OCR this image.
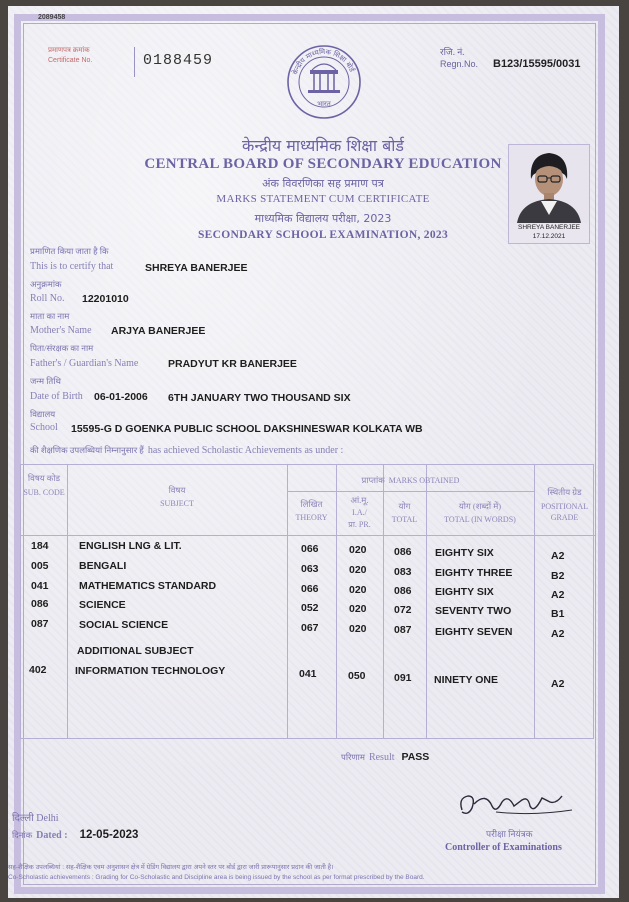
2089458
प्रमाणपत्र क्रमांक
Certificate No.	0188459	रजि. नं.
Regn.No. B123/15595/0031
केन्द्रीय माध्यमिक शिक्षा बोर्ड
भारत
केन्द्रीय माध्यमिक शिक्षा बोर्ड
CENTRAL BOARD OF SECONDARY EDUCATION
अंक विवरणिका सह प्रमाण पत्र
MARKS STATEMENT CUM CERTIFICATE
माध्यमिक विद्यालय परीक्षा, 2023
SECONDARY SCHOOL EXAMINATION, 2023
SHREYA BANERJEE
17.12.2021
प्रमाणित किया जाता है कि
This is to certify that	SHREYA BANERJEE
अनुक्रमांक
Roll No. 12201010
माता का नाम
Mother's Name ARJYA BANERJEE
पिता/संरक्षक का नाम
Father's / Guardian's Name	PRADYUT KR BANERJEE
जन्म तिथि
Date of Birth 06-01-2006 6TH JANUARY TWO THOUSAND SIX
विद्यालय
School 15595-G D GOENKA PUBLIC SCHOOL DAKSHINESWAR KOLKATA WB
की शैक्षणिक उपलब्धियां निम्नानुसार हैं has achieved Scholastic Achievements as under :
विषय कोड
SUB. CODE	विषय
SUBJECT
प्राप्तांक MARKS OBTAINED
लिखित
THEORY
आं.मू.
I.A./
प्रा. PR.
योग
TOTAL
योग (शब्दों में)
TOTAL (IN WORDS)
स्थितीय ग्रेड
POSITIONAL GRADE
184	ENGLISH LNG & LIT.	066	020	086 EIGHTY SIX	A2
005	BENGALI	063	020	083 EIGHTY THREE	B2
041	MATHEMATICS STANDARD	066	020	086 EIGHTY SIX	A2
086	SCIENCE	052	020	072 SEVENTY TWO	B1
087	SOCIAL SCIENCE	067	020	087 EIGHTY SEVEN	A2
ADDITIONAL SUBJECT
402	INFORMATION TECHNOLOGY	041	050	091 NINETY ONE	A2
परिणाम Result PASS
दिल्ली Delhi
दिनांक Dated : 12-05-2023	परीक्षा नियंत्रक
Controller of Examinations
सह-शैक्षिक उपलब्धियां : सह-शैक्षिक एवम अनुशासन क्षेत्र में ग्रेडिंग विद्यालय द्वारा अपने स्तर पर बोर्ड द्वारा जारी प्रारूपानुसार प्रदान की जाती है।
Co-Scholastic achievements : Grading for Co-Scholastic and Discipline area is being issued by the school as per format prescribed by the Board.
